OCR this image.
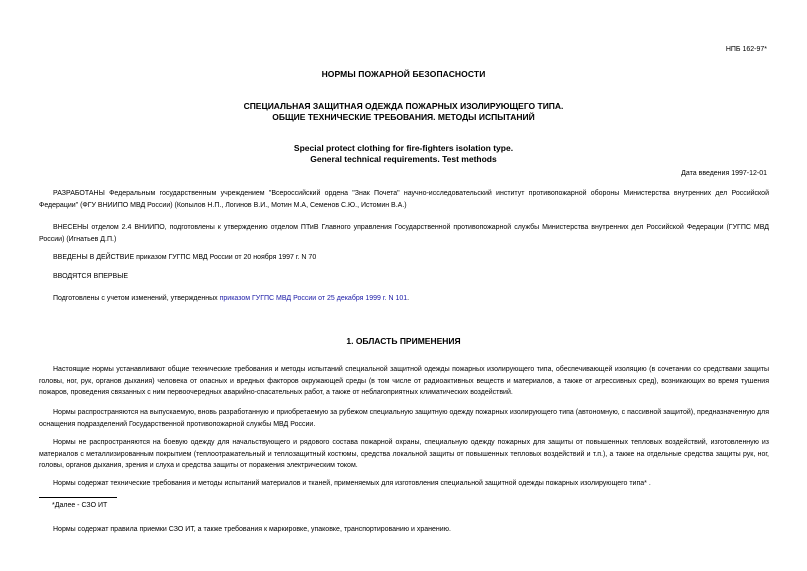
НПБ 162-97*
НОРМЫ ПОЖАРНОЙ БЕЗОПАСНОСТИ
СПЕЦИАЛЬНАЯ ЗАЩИТНАЯ ОДЕЖДА ПОЖАРНЫХ ИЗОЛИРУЮЩЕГО ТИПА.
ОБЩИЕ ТЕХНИЧЕСКИЕ ТРЕБОВАНИЯ. МЕТОДЫ ИСПЫТАНИЙ
Special protect clothing for fire-fighters isolation type.
General technical requirements. Test methods
Дата введения 1997-12-01
РАЗРАБОТАНЫ Федеральным государственным учреждением "Всероссийский ордена "Знак Почета" научно-исследовательский институт противопожарной обороны Министерства внутренних дел Российской Федерации" (ФГУ ВНИИПО МВД России) (Копылов Н.П., Логинов В.И., Мотин М.А, Семенов С.Ю., Истомин В.А.)
ВНЕСЕНЫ отделом 2.4 ВНИИПО, подготовлены к утверждению отделом ПТиВ Главного управления Государственной противопожарной службы Министерства внутренних дел Российской Федерации (ГУГПС МВД России) (Игнатьев Д.П.)
ВВЕДЕНЫ В ДЕЙСТВИЕ приказом ГУГПС МВД России от 20 ноября 1997 г. N 70
ВВОДЯТСЯ ВПЕРВЫЕ
Подготовлены с учетом изменений, утвержденных приказом ГУГПС МВД России от 25 декабря 1999 г. N 101.
1. ОБЛАСТЬ ПРИМЕНЕНИЯ
Настоящие нормы устанавливают общие технические требования и методы испытаний специальной защитной одежды пожарных изолирующего типа, обеспечивающей изоляцию (в сочетании со средствами защиты головы, ног, рук, органов дыхания) человека от опасных и вредных факторов окружающей среды (в том числе от радиоактивных веществ и материалов, а также от агрессивных сред), возникающих во время тушения пожаров, проведения связанных с ним первоочередных аварийно-спасательных работ, а также от неблагоприятных климатических воздействий.
Нормы распространяются на выпускаемую, вновь разработанную и приобретаемую за рубежом специальную защитную одежду пожарных изолирующего типа (автономную, с пассивной защитой), предназначенную для оснащения подразделений Государственной противопожарной службы МВД России.
Нормы не распространяются на боевую одежду для начальствующего и рядового состава пожарной охраны, специальную одежду пожарных для защиты от повышенных тепловых воздействий, изготовленную из материалов с металлизированным покрытием (теплоотражательный и теплозащитный костюмы, средства локальной защиты от повышенных тепловых воздействий и т.п.), а также на отдельные средства защиты рук, ног, головы, органов дыхания, зрения и слуха и средства защиты от поражения электрическим током.
Нормы содержат технические требования и методы испытаний материалов и тканей, применяемых для изготовления специальной защитной одежды пожарных изолирующего типа* .
*Далее - СЗО ИТ
Нормы содержат правила приемки СЗО ИТ, а также требования к маркировке, упаковке, транспортированию и хранению.
